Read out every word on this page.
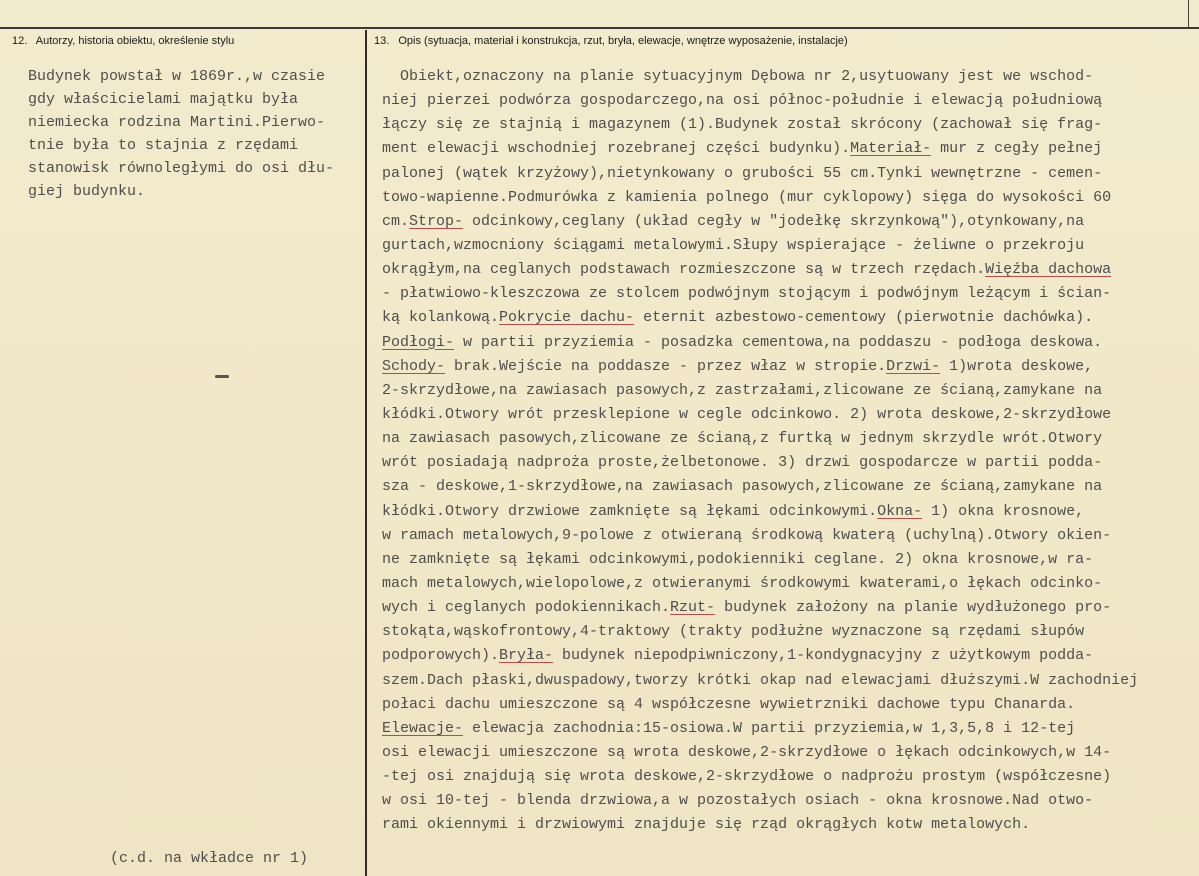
12. Autorzy, historia obiektu, określenie stylu	13. Opis (sytuacja, materiał i konstrukcja, rzut, bryła, elewacje, wnętrze wyposażenie, instalacje)
Budynek powstał w 1869r.,w czasie
gdy właścicielami majątku była
niemiecka rodzina Martini.Pierwo-
tnie była to stajnia z rzędami
stanowisk równoległymi do osi dłu-
giej budynku.
(c.d. na wkładce nr 1)
Obiekt,oznaczony na planie sytuacyjnym Dębowa nr 2,usytuowany jest we wschod-
niej pierzei podwórza gospodarczego,na osi północ-południe i elewacją południową
łączy się ze stajnią i magazynem (1).Budynek został skrócony (zachował się frag-
ment elewacji wschodniej rozebranej części budynku).Materiał- mur z cegły pełnej
palonej (wątek krzyżowy),nietynkowany o grubości 55 cm.Tynki wewnętrzne - cemen-
towo-wapienne.Podmurówka z kamienia polnego (mur cyklopowy) sięga do wysokości 60
cm.Strop- odcinkowy,ceglany (układ cegły w "jodełkę skrzynkową"),otynkowany,na
gurtach,wzmocniony ściągami metalowymi.Słupy wspierające - żeliwne o przekroju
okrągłym,na ceglanych podstawach rozmieszczone są w trzech rzędach.Więźba dachowa
- płatwiowo-kleszczowa ze stolcem podwójnym stojącym i podwójnym leżącym i ścian-
ką kolankową.Pokrycie dachu- eternit azbestowo-cementowy (pierwotnie dachówka).
Podłogi- w partii przyziemia - posadzka cementowa,na poddaszu - podłoga deskowa.
Schody- brak.Wejście na poddasze - przez właz w stropie.Drzwi- 1)wrota deskowe,
2-skrzydłowe,na zawiasach pasowych,z zastrzałami,zlicowane ze ścianą,zamykane na
kłódki.Otwory wrót przesklepione w cegle odcinkowo. 2) wrota deskowe,2-skrzydłowe
na zawiasach pasowych,zlicowane ze ścianą,z furtką w jednym skrzydle wrót.Otwory
wrót posiadają nadproża proste,żelbetonowe. 3) drzwi gospodarcze w partii podda-
sza - deskowe,1-skrzydłowe,na zawiasach pasowych,zlicowane ze ścianą,zamykane na
kłódki.Otwory drzwiowe zamknięte są łękami odcinkowymi.Okna- 1) okna krosnowe,
w ramach metalowych,9-polowe z otwieraną środkową kwaterą (uchylną).Otwory okien-
ne zamknięte są łękami odcinkowymi,podokienniki ceglane. 2) okna krosnowe,w ra-
mach metalowych,wielopolowe,z otwieranymi środkowymi kwaterami,o łękach odcinko-
wych i ceglanych podokiennikach.Rzut- budynek założony na planie wydłużonego pro-
stokąta,wąskofrontowy,4-traktowy (trakty podłużne wyznaczone są rzędami słupów
podporowych).Bryła- budynek niepodpiwniczony,1-kondygnacyjny z użytkowym podda-
szem.Dach płaski,dwuspadowy,tworzy krótki okap nad elewacjami dłuższymi.W zachodniej
połaci dachu umieszczone są 4 współczesne wywietrzniki dachowe typu Chanarda.
Elewacje- elewacja zachodnia:15-osiowa.W partii przyziemia,w 1,3,5,8 i 12-tej
osi elewacji umieszczone są wrota deskowe,2-skrzydłowe o łękach odcinkowych,w 14-
-tej osi znajdują się wrota deskowe,2-skrzydłowe o nadprożu prostym (współczesne)
w osi 10-tej - blenda drzwiowa,a w pozostałych osiach - okna krosnowe.Nad otwo-
rami okiennymi i drzwiowymi znajduje się rząd okrągłych kotw metalowych.
